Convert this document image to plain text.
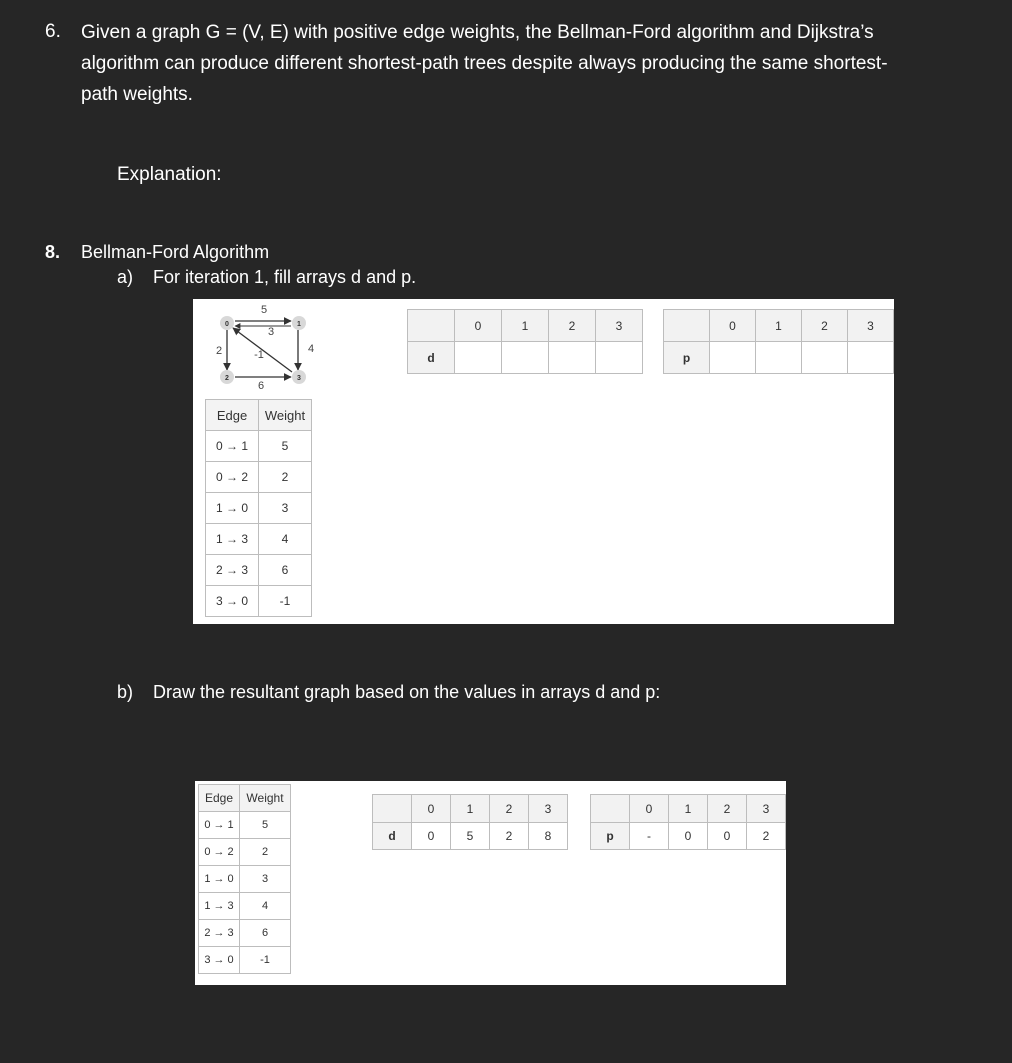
6. Given a graph G = (V, E) with positive edge weights, the Bellman-Ford algorithm and Dijkstra’s
algorithm can produce different shortest-path trees despite always producing the same shortest-
path weights.
Explanation:
8. Bellman-Ford Algorithm
a) For iteration 1, fill arrays d and p.
0	1
2	3
5
3
2	-1	4
6
Edge	Weight
0 → 1	5
0 → 2	2
1 → 0	3
1 → 3	4
2 → 3	6
3 → 0	-1
	0	1	2	3
d				
	0	1	2	3
p				
b) Draw the resultant graph based on the values in arrays d and p:
Edge	Weight
0 → 1	5
0 → 2	2
1 → 0	3
1 → 3	4
2 → 3	6
3 → 0	-1
	0	1	2	3
d	0	5	2	8
	0	1	2	3
p	-	0	0	2
